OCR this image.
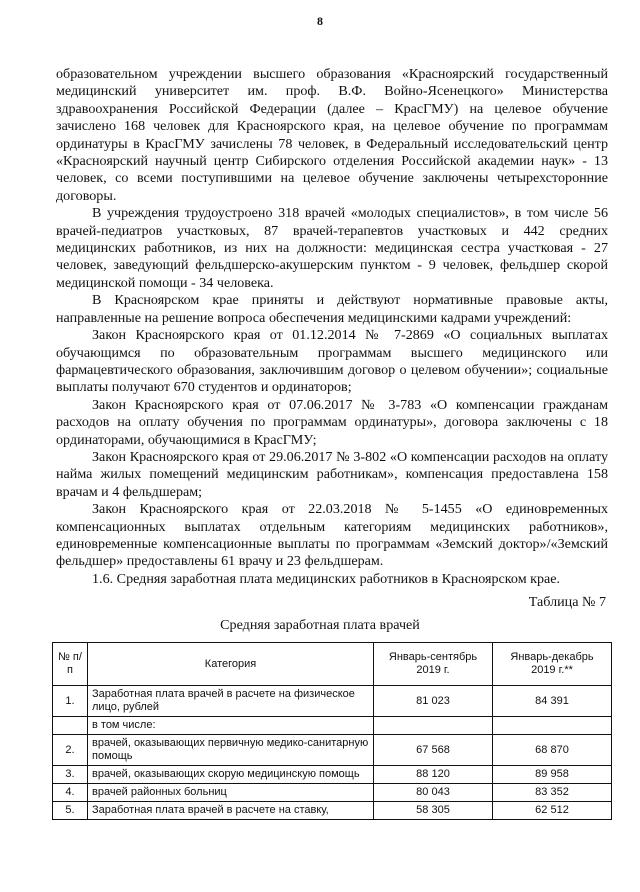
8

образовательном учреждении высшего образования «Красноярский государственный медицинский университет им. проф. В.Ф. Войно-Ясенецкого» Министерства здравоохранения Российской Федерации (далее – КрасГМУ) на целевое обучение зачислено 168 человек для Красноярского края, на целевое обучение по программам ординатуры в КрасГМУ зачислены 78 человек, в Федеральный исследовательский центр «Красноярский научный центр Сибирского отделения Российской академии наук» - 13 человек, со всеми поступившими на целевое обучение заключены четырехсторонние договоры.

В учреждения трудоустроено 318 врачей «молодых специалистов», в том числе 56 врачей-педиатров участковых, 87 врачей-терапевтов участковых и 442 средних медицинских работников, из них на должности: медицинская сестра участковая - 27 человек, заведующий фельдшерско-акушерским пунктом - 9 человек, фельдшер скорой медицинской помощи - 34 человека.

В Красноярском крае приняты и действуют нормативные правовые акты, направленные на решение вопроса обеспечения медицинскими кадрами учреждений:

Закон Красноярского края от 01.12.2014 № 7-2869 «О социальных выплатах обучающимся по образовательным программам высшего медицинского или фармацевтического образования, заключившим договор о целевом обучении»; социальные выплаты получают 670 студентов и ординаторов;

Закон Красноярского края от 07.06.2017 № 3-783 «О компенсации гражданам расходов на оплату обучения по программам ординатуры», договора заключены с 18 ординаторами, обучающимися в КрасГМУ;

Закон Красноярского края от 29.06.2017 № 3-802 «О компенсации расходов на оплату найма жилых помещений медицинским работникам», компенсация предоставлена 158 врачам и 4 фельдшерам;

Закон Красноярского края от 22.03.2018 № 5-1455 «О единовременных компенсационных выплатах отдельным категориям медицинских работников», единовременные компенсационные выплаты по программам «Земский доктор»/«Земский фельдшер» предоставлены 61 врачу и 23 фельдшерам.

1.6. Средняя заработная плата медицинских работников в Красноярском крае.

Таблица № 7
Средняя заработная плата врачей
№ п/п	Категория	Январь-сентябрь 2019 г.	Январь-декабрь 2019 г.**
1.	Заработная плата врачей в расчете на физическое лицо, рублей	81 023	84 391
	в том числе:		
2.	врачей, оказывающих первичную медико-санитарную помощь	67 568	68 870
3.	врачей, оказывающих скорую медицинскую помощь	88 120	89 958
4.	врачей районных больниц	80 043	83 352
5.	Заработная плата врачей в расчете на ставку,	58 305	62 512
